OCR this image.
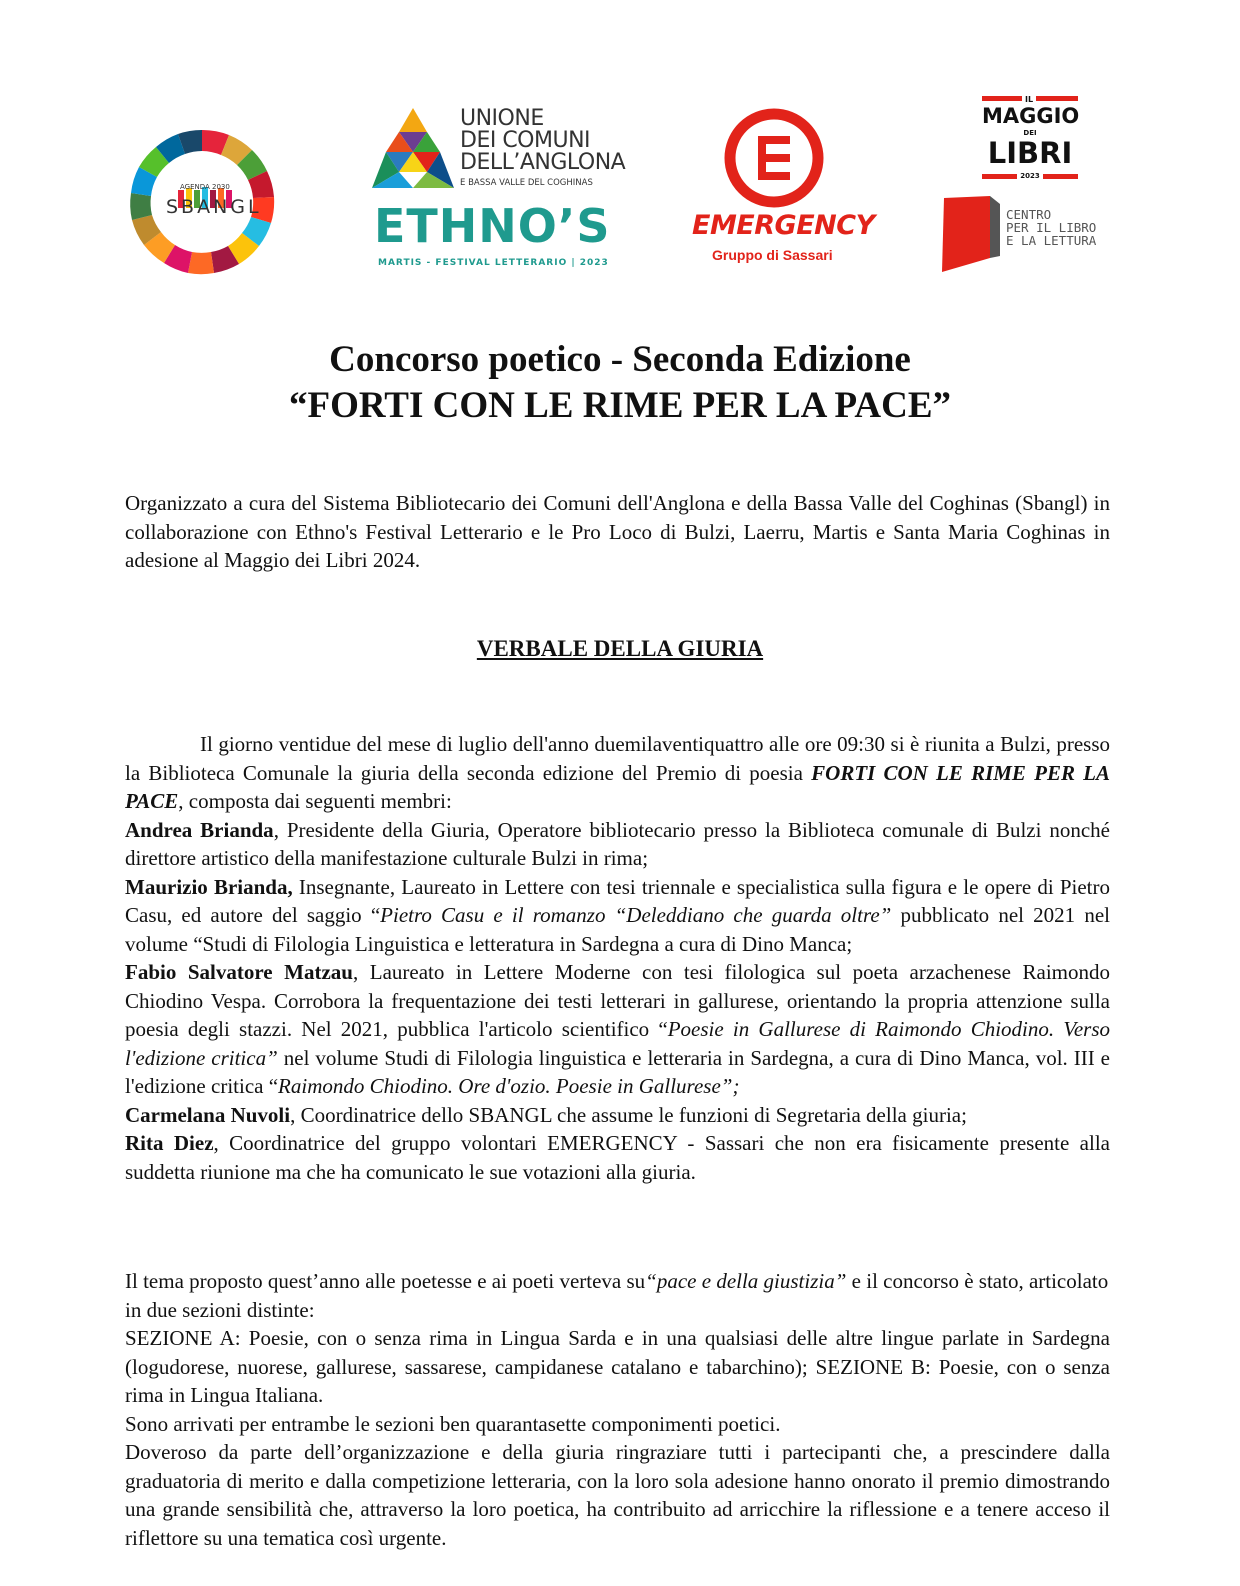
AGENDA 2030
SBANGL
UNIONE
DEI COMUNI
DELL’ANGLONA
E BASSA VALLE DEL COGHINAS
ETHNO’S
MARTIS - FESTIVAL LETTERARIO | 2023
EMERGENCY
Gruppo di Sassari
IL
MAGGIO
DEI
LIBRI
2023
CENTRO
PER IL LIBRO
E LA LETTURA
Concorso poetico - Seconda Edizione
“FORTI CON LE RIME PER LA PACE”

Organizzato a cura del Sistema Bibliotecario dei Comuni dell'Anglona e della Bassa Valle del Coghinas (Sbangl) in collaborazione con Ethno's Festival Letterario e le Pro Loco di Bulzi, Laerru, Martis e Santa Maria Coghinas in adesione al Maggio dei Libri 2024.

VERBALE DELLA GIURIA
Il giorno ventidue del mese di luglio dell'anno duemilaventiquattro alle ore 09:30 si è riunita a Bulzi, presso la Biblioteca Comunale la giuria della seconda edizione del Premio di poesia FORTI CON LE RIME PER LA PACE, composta dai seguenti membri:
Andrea Brianda, Presidente della Giuria, Operatore bibliotecario presso la Biblioteca comunale di Bulzi nonché direttore artistico della manifestazione culturale Bulzi in rima;
Maurizio Brianda, Insegnante, Laureato in Lettere con tesi triennale e specialistica sulla figura e le opere di Pietro Casu, ed autore del saggio “Pietro Casu e il romanzo “Deleddiano che guarda oltre” pubblicato nel 2021 nel volume “Studi di Filologia Linguistica e letteratura in Sardegna a cura di Dino Manca;
Fabio Salvatore Matzau, Laureato in Lettere Moderne con tesi filologica sul poeta arzachenese Raimondo Chiodino Vespa. Corrobora la frequentazione dei testi letterari in gallurese, orientando la propria attenzione sulla poesia degli stazzi. Nel 2021, pubblica l'articolo scientifico “Poesie in Gallurese di Raimondo Chiodino. Verso l'edizione critica” nel volume Studi di Filologia linguistica e letteraria in Sardegna, a cura di Dino Manca, vol. III e l'edizione critica “Raimondo Chiodino. Ore d'ozio. Poesie in Gallurese”;
Carmelana Nuvoli, Coordinatrice dello SBANGL che assume le funzioni di Segretaria della giuria;
Rita Diez, Coordinatrice del gruppo volontari EMERGENCY - Sassari che non era fisicamente presente alla suddetta riunione ma che ha comunicato le sue votazioni alla giuria.
Il tema proposto quest’anno alle poetesse e ai poeti verteva su“pace e della giustizia” e il concorso è stato, articolato in due sezioni distinte:

SEZIONE A: Poesie, con o senza rima in Lingua Sarda e in una qualsiasi delle altre lingue parlate in Sardegna (logudorese, nuorese, gallurese, sassarese, campidanese catalano e tabarchino); SEZIONE B: Poesie, con o senza rima in Lingua Italiana.
Sono arrivati per entrambe le sezioni ben quarantasette componimenti poetici.
Doveroso da parte dell’organizzazione e della giuria ringraziare tutti i partecipanti che, a prescindere dalla graduatoria di merito e dalla competizione letteraria, con la loro sola adesione hanno onorato il premio dimostrando una grande sensibilità che, attraverso la loro poetica, ha contribuito ad arricchire la riflessione e a tenere acceso il riflettore su una tematica così urgente.
